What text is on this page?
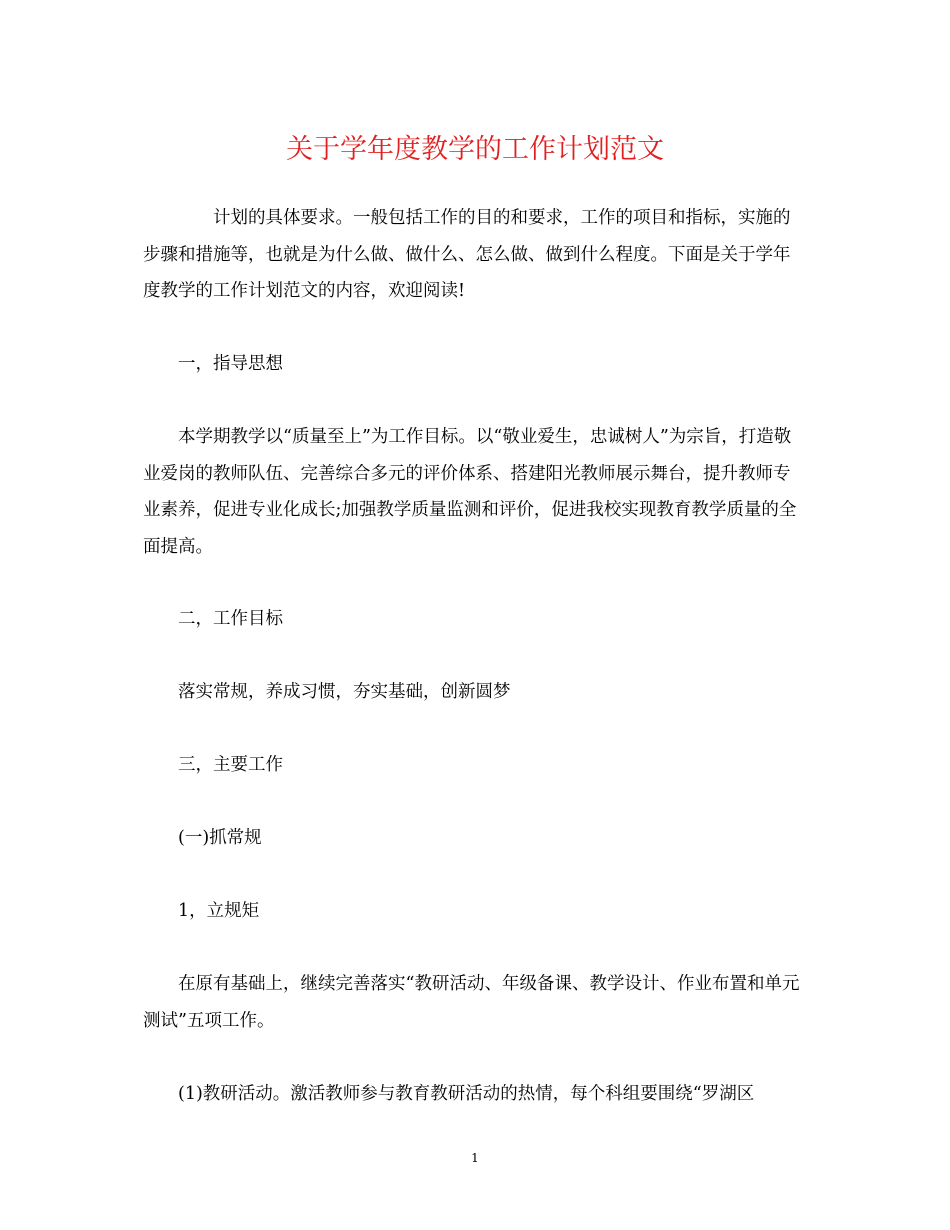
关于学年度教学的工作计划范文

计划的具体要求。一般包括工作的目的和要求，工作的项目和指标，实施的步骤和措施等，也就是为什么做、做什么、怎么做、做到什么程度。下面是关于学年度教学的工作计划范文的内容，欢迎阅读!

一，指导思想

本学期教学以“质量至上”为工作目标。以“敬业爱生，忠诚树人”为宗旨，打造敬业爱岗的教师队伍、完善综合多元的评价体系、搭建阳光教师展示舞台，提升教师专业素养，促进专业化成长;加强教学质量监测和评价，促进我校实现教育教学质量的全面提高。

二，工作目标

落实常规，养成习惯，夯实基础，创新圆梦

三，主要工作

(一)抓常规

1，立规矩

在原有基础上，继续完善落实“教研活动、年级备课、教学设计、作业布置和单元测试”五项工作。

(1)教研活动。激活教师参与教育教研活动的热情，每个科组要围绕“罗湖区

1
